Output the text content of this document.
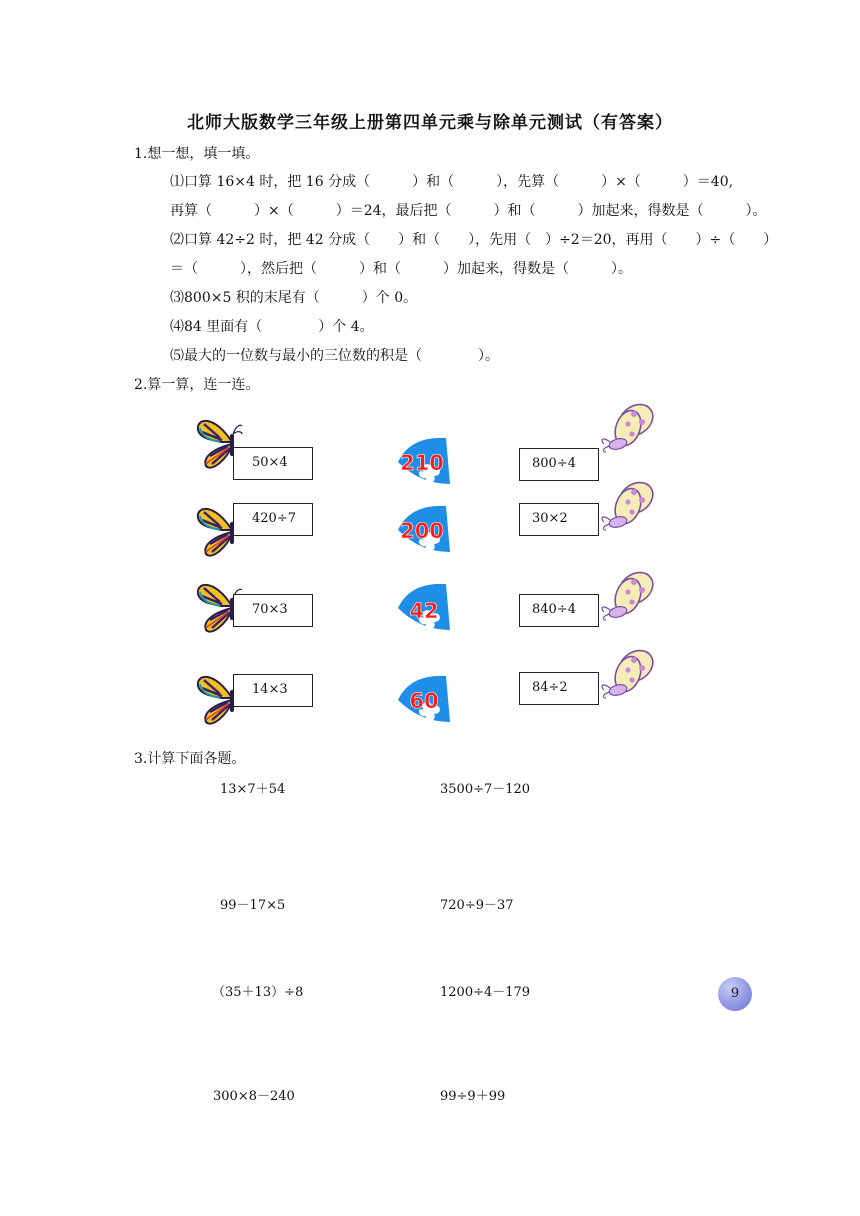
北师大版数学三年级上册第四单元乘与除单元测试（有答案）
1.想一想，填一填。
⑴口算 16×4 时，把 16 分成（　　　）和（　　　），先算（　　　）×（　　　）＝40,
再算（　　　）×（　　　）＝24，最后把（　　　）和（　　　）加起来，得数是（　　　）。
⑵口算 42÷2 时，把 42 分成（　　）和（　　），先用（　）÷2＝20，再用（　　）÷（　　）
＝（　　　），然后把（　　　）和（　　　）加起来，得数是（　　　）。
⑶800×5 积的末尾有（　　　）个 0。
⑷84 里面有（　　　　）个 4。
⑸最大的一位数与最小的三位数的积是（　　　　）。
2.算一算，连一连。
50×4
420÷7
70×3
14×3
210
200
42
60
800÷4
30×2
840÷4
84÷2
3.计算下面各题。
13×7＋54	3500÷7－120
99－17×5	720÷9－37
（35＋13）÷8	1200÷4－179
300×8－240	99÷9＋99
9
